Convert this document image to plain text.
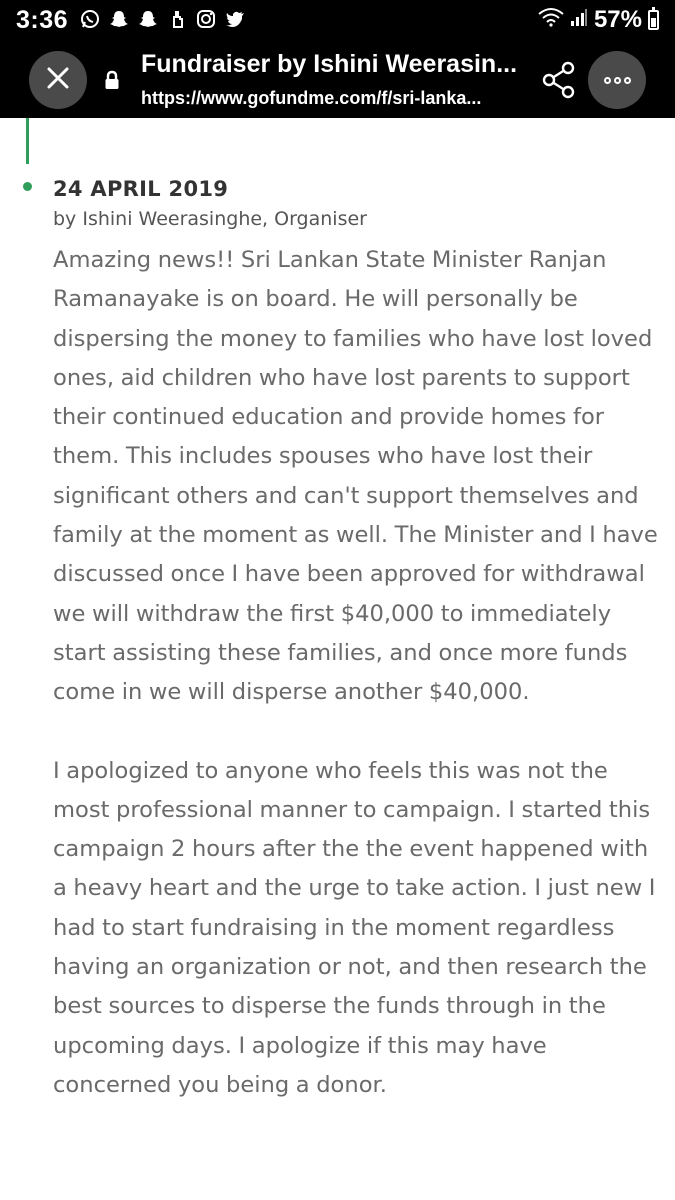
3:36	57%
Fundraiser by Ishini Weerasin...
https://www.gofundme.com/f/sri-lanka...
24 APRIL 2019
by Ishini Weerasinghe, Organiser

Amazing news!! Sri Lankan State Minister Ranjan Ramanayake is on board. He will personally be dispersing the money to families who have lost loved ones, aid children who have lost parents to support their continued education and provide homes for them. This includes spouses who have lost their significant others and can't support themselves and family at the moment as well. The Minister and I have discussed once I have been approved for withdrawal we will withdraw the first $40,000 to immediately start assisting these families, and once more funds come in we will disperse another $40,000.

I apologized to anyone who feels this was not the most professional manner to campaign. I started this campaign 2 hours after the the event happened with a heavy heart and the urge to take action. I just new I had to start fundraising in the moment regardless having an organization or not, and then research the best sources to disperse the funds through in the upcoming days. I apologize if this may have concerned you being a donor.
